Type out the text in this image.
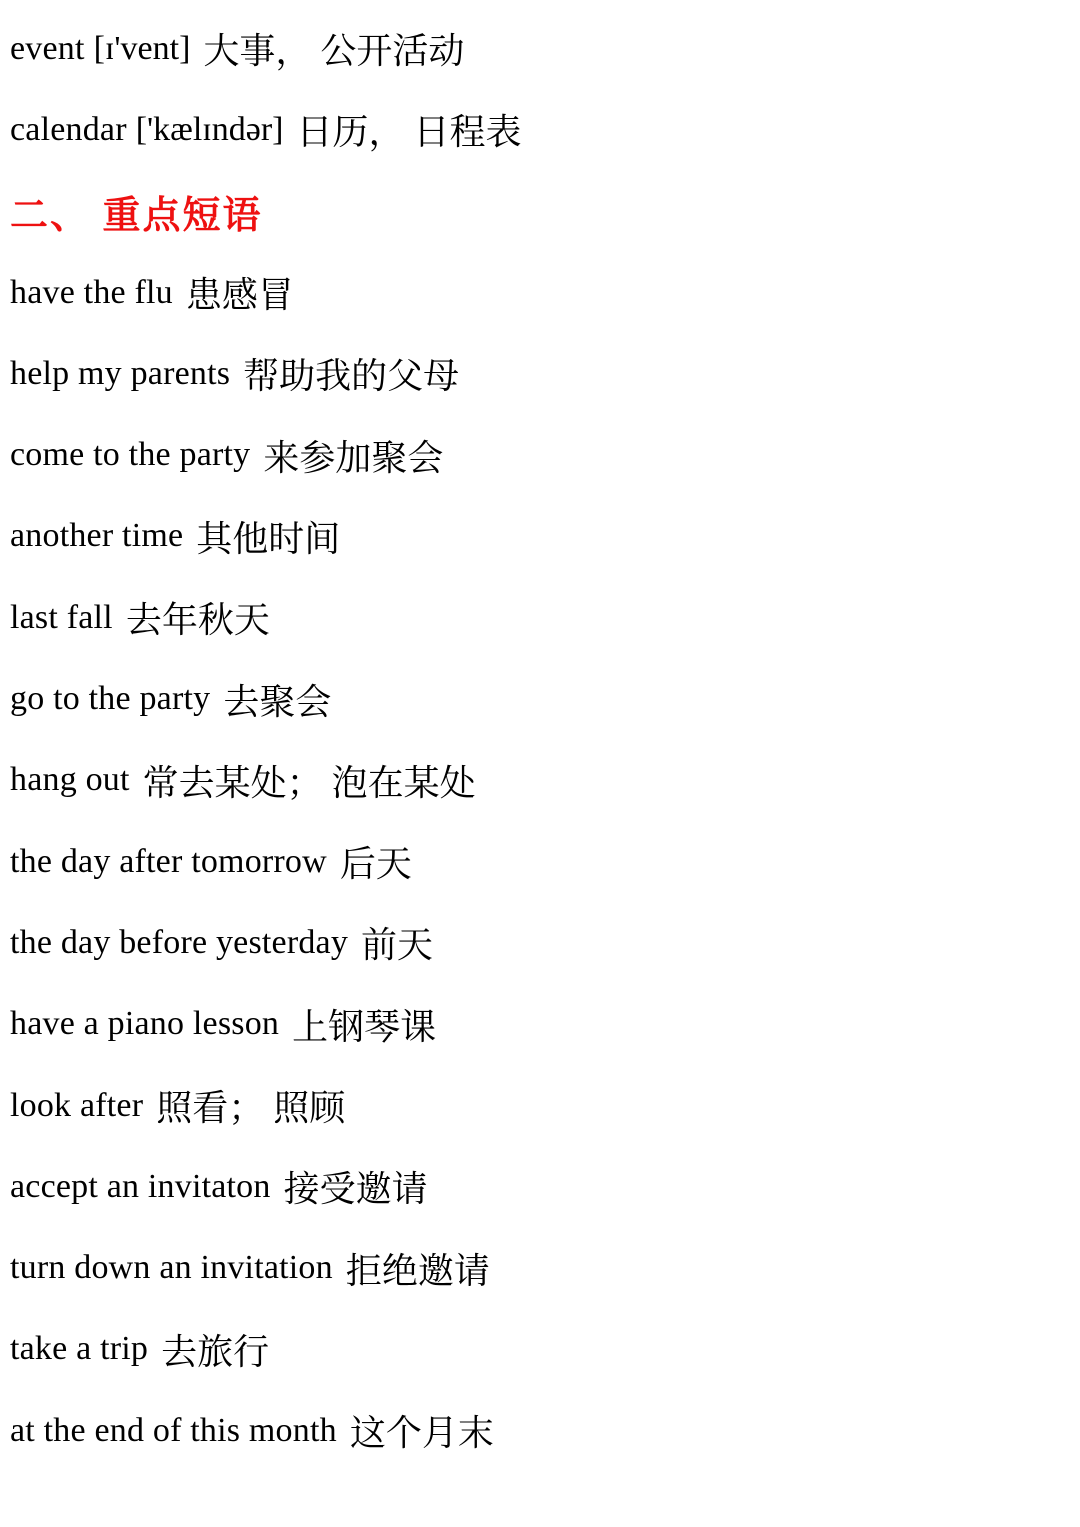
event [ɪ'vent] 大事， 公开活动
calendar ['kælɪndər] 日历， 日程表
二、 重点短语
have the flu 患感冒
help my parents 帮助我的父母
come to the party 来参加聚会
another time 其他时间
last fall 去年秋天
go to the party 去聚会
hang out 常去某处； 泡在某处
the day after tomorrow 后天
the day before yesterday 前天
have a piano lesson 上钢琴课
look after 照看； 照顾
accept an invitaton 接受邀请
turn down an invitation 拒绝邀请
take a trip 去旅行
at the end of this month 这个月末
